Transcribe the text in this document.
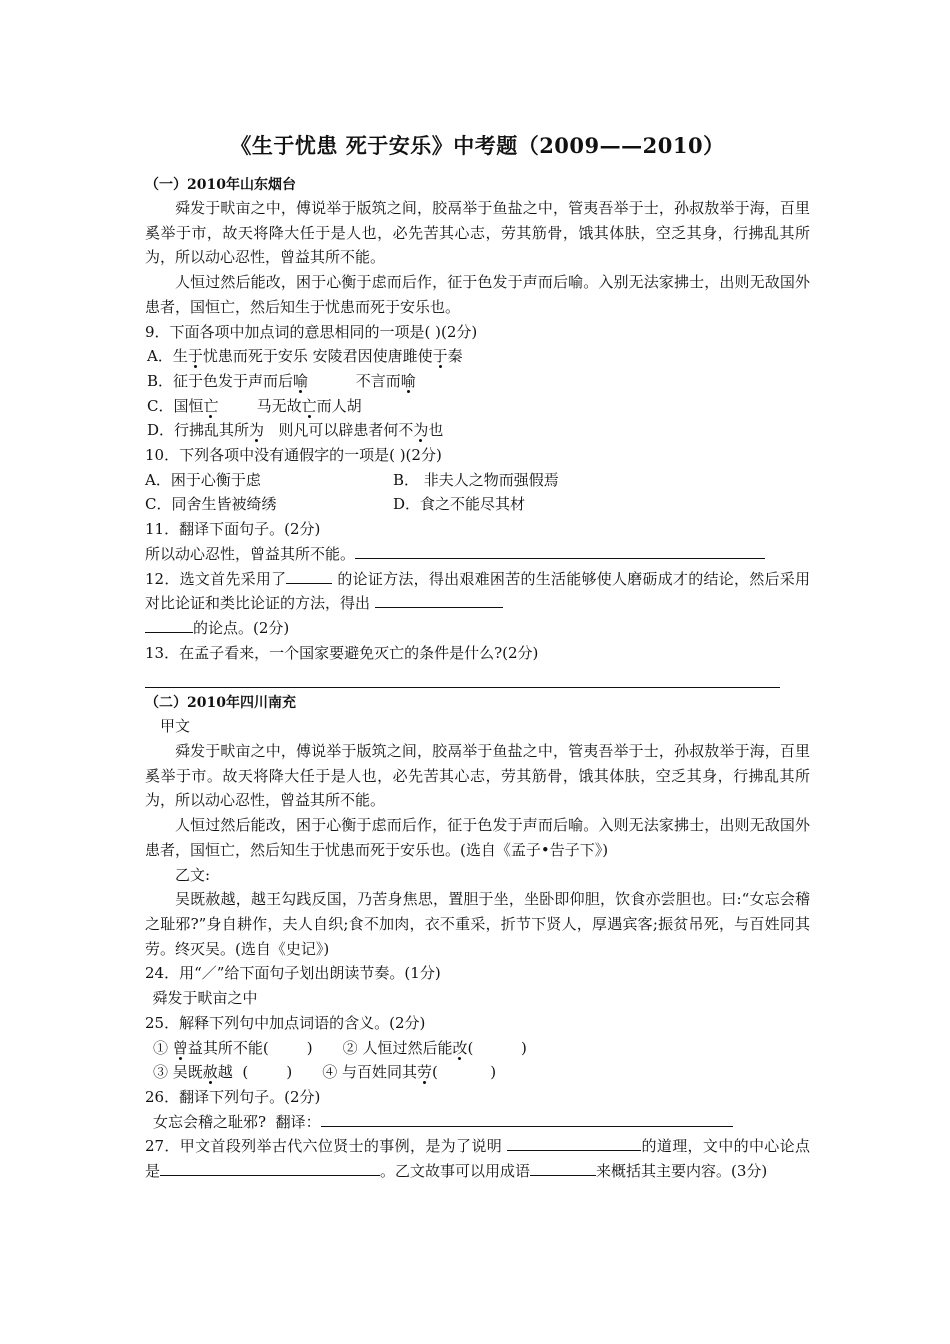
《生于忧患 死于安乐》中考题（2009——2010）
（一）2010年山东烟台

舜发于畎亩之中，傅说举于版筑之间，胶鬲举于鱼盐之中，管夷吾举于士，孙叔敖举于海，百里奚举于市，故天将降大任于是人也，必先苦其心志，劳其筋骨，饿其体肤，空乏其身，行拂乱其所为，所以动心忍性，曾益其所不能。

人恒过然后能改，困于心衡于虑而后作，征于色发于声而后喻。入别无法家拂士，出则无敌国外患者，国恒亡，然后知生于忧患而死于安乐也。

9．下面各项中加点词的意思相同的一项是( )(2分)

A．生于忧患而死于安乐 安陵君因使唐雎使于秦

B．征于色发于声而后喻          不言而喻

C．国恒亡        马无故亡而人胡

D．行拂乱其所为   则凡可以辟患者何不为也

10．下列各项中没有通假字的一项是( )(2分)

A．困于心衡于虑	B． 非夫人之物而强假焉

C．同舍生皆被绮绣	D．食之不能尽其材

11．翻译下面句子。(2分)

所以动心忍性，曾益其所不能。

12．选文首先采用了	的论证方法，得出艰难困苦的生活能够使人磨砺成才的结论，然后采用对比论证和类比论证的方法，得出

的论点。(2分)

13．在孟子看来，一个国家要避免灭亡的条件是什么?(2分)

（二）2010年四川南充

甲文

舜发于畎亩之中，傅说举于版筑之间，胶鬲举于鱼盐之中，管夷吾举于士，孙叔敖举于海，百里奚举于市。故天将降大任于是人也，必先苦其心志，劳其筋骨，饿其体肤，空乏其身，行拂乱其所为，所以动心忍性，曾益其所不能。

人恒过然后能改，困于心衡于虑而后作，征于色发于声而后喻。入则无法家拂士，出则无敌国外患者，国恒亡，然后知生于忧患而死于安乐也。(选自《孟子•告子下》)

乙文:

吴既赦越，越王勾践反国，乃苦身焦思，置胆于坐，坐卧即仰胆，饮食亦尝胆也。曰:“女忘会稽之耻邪?”身自耕作，夫人自织;食不加肉，衣不重采，折节下贤人，厚遇宾客;振贫吊死，与百姓同其劳。终灭吴。(选自《史记》)

24．用“／”给下面句子划出朗读节奏。(1分)

舜发于畎亩之中

25．解释下列句中加点词语的含义。(2分)

① 曾益其所不能(        ) ② 人恒过然后能改(          )

③ 吴既赦越  (        ) ④ 与百姓同其劳(           )

26．翻译下列句子。(2分)

女忘会稽之耻邪?  翻译：

27．甲文首段列举古代六位贤士的事例，是为了说明	的道理，文中的中心论点是	。乙文故事可以用成语	来概括其主要内容。(3分)
